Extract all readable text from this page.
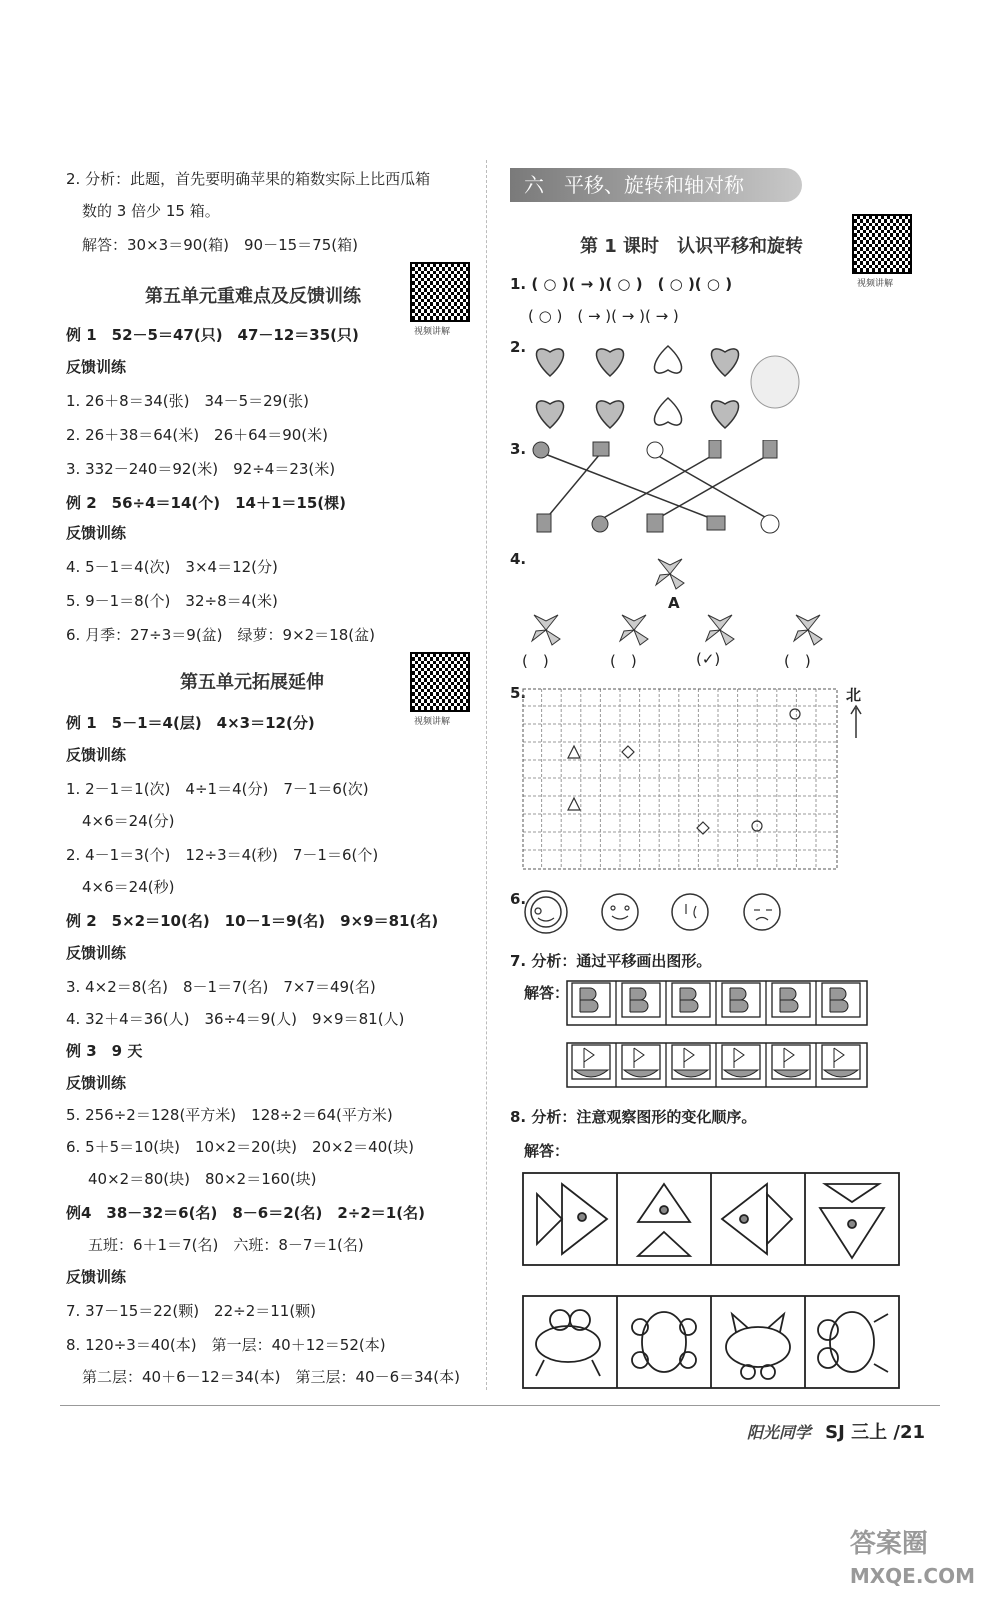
2. 分析：此题，首先要明确苹果的箱数实际上比西瓜箱
数的 3 倍少 15 箱。
解答：30×3＝90(箱)　90－15＝75(箱)
第五单元重难点及反馈训练
视频讲解
例 1　52－5＝47(只)　47－12＝35(只)
反馈训练
1. 26＋8＝34(张)　34－5＝29(张)
2. 26＋38＝64(米)　26＋64＝90(米)
3. 332－240＝92(米)　92÷4＝23(米)
例 2　56÷4＝14(个)　14＋1＝15(棵)
反馈训练
4. 5－1＝4(次)　3×4＝12(分)
5. 9－1＝8(个)　32÷8＝4(米)
6. 月季：27÷3＝9(盆)　绿萝：9×2＝18(盆)
第五单元拓展延伸
视频讲解
例 1　5－1＝4(层)　4×3＝12(分)
反馈训练
1. 2－1＝1(次)　4÷1＝4(分)　7－1＝6(次)
4×6＝24(分)
2. 4－1＝3(个)　12÷3＝4(秒)　7－1＝6(个)
4×6＝24(秒)
例 2　5×2＝10(名)　10－1＝9(名)　9×9＝81(名)
反馈训练
3. 4×2＝8(名)　8－1＝7(名)　7×7＝49(名)
4. 32＋4＝36(人)　36÷4＝9(人)　9×9＝81(人)
例 3　9 天
反馈训练
5. 256÷2＝128(平方米)　128÷2＝64(平方米)
6. 5＋5＝10(块)　10×2＝20(块)　20×2＝40(块)
40×2＝80(块)　80×2＝160(块)
例4　38－32＝6(名)　8－6＝2(名)　2÷2＝1(名)
五班：6＋1＝7(名)　六班：8－7＝1(名)
反馈训练
7. 37－15＝22(颗)　22÷2＝11(颗)
8. 120÷3＝40(本)　第一层：40＋12＝52(本)
第二层：40＋6－12＝34(本)　第三层：40－6＝34(本)
六　平移、旋转和轴对称
第 1 课时　认识平移和旋转
视频讲解
1. ( ○ )( → )( ○ )　( ○ )( ○ )
( ○ )　( → )( → )( → )
2.
3.
4.
A
(　)	(　)	(✓)	(　)
5.	北
6.
7. 分析：通过平移画出图形。
解答：
8. 分析：注意观察图形的变化顺序。
解答：
阳光同学 SJ 三上 /21
答案圈
MXQE.COM
